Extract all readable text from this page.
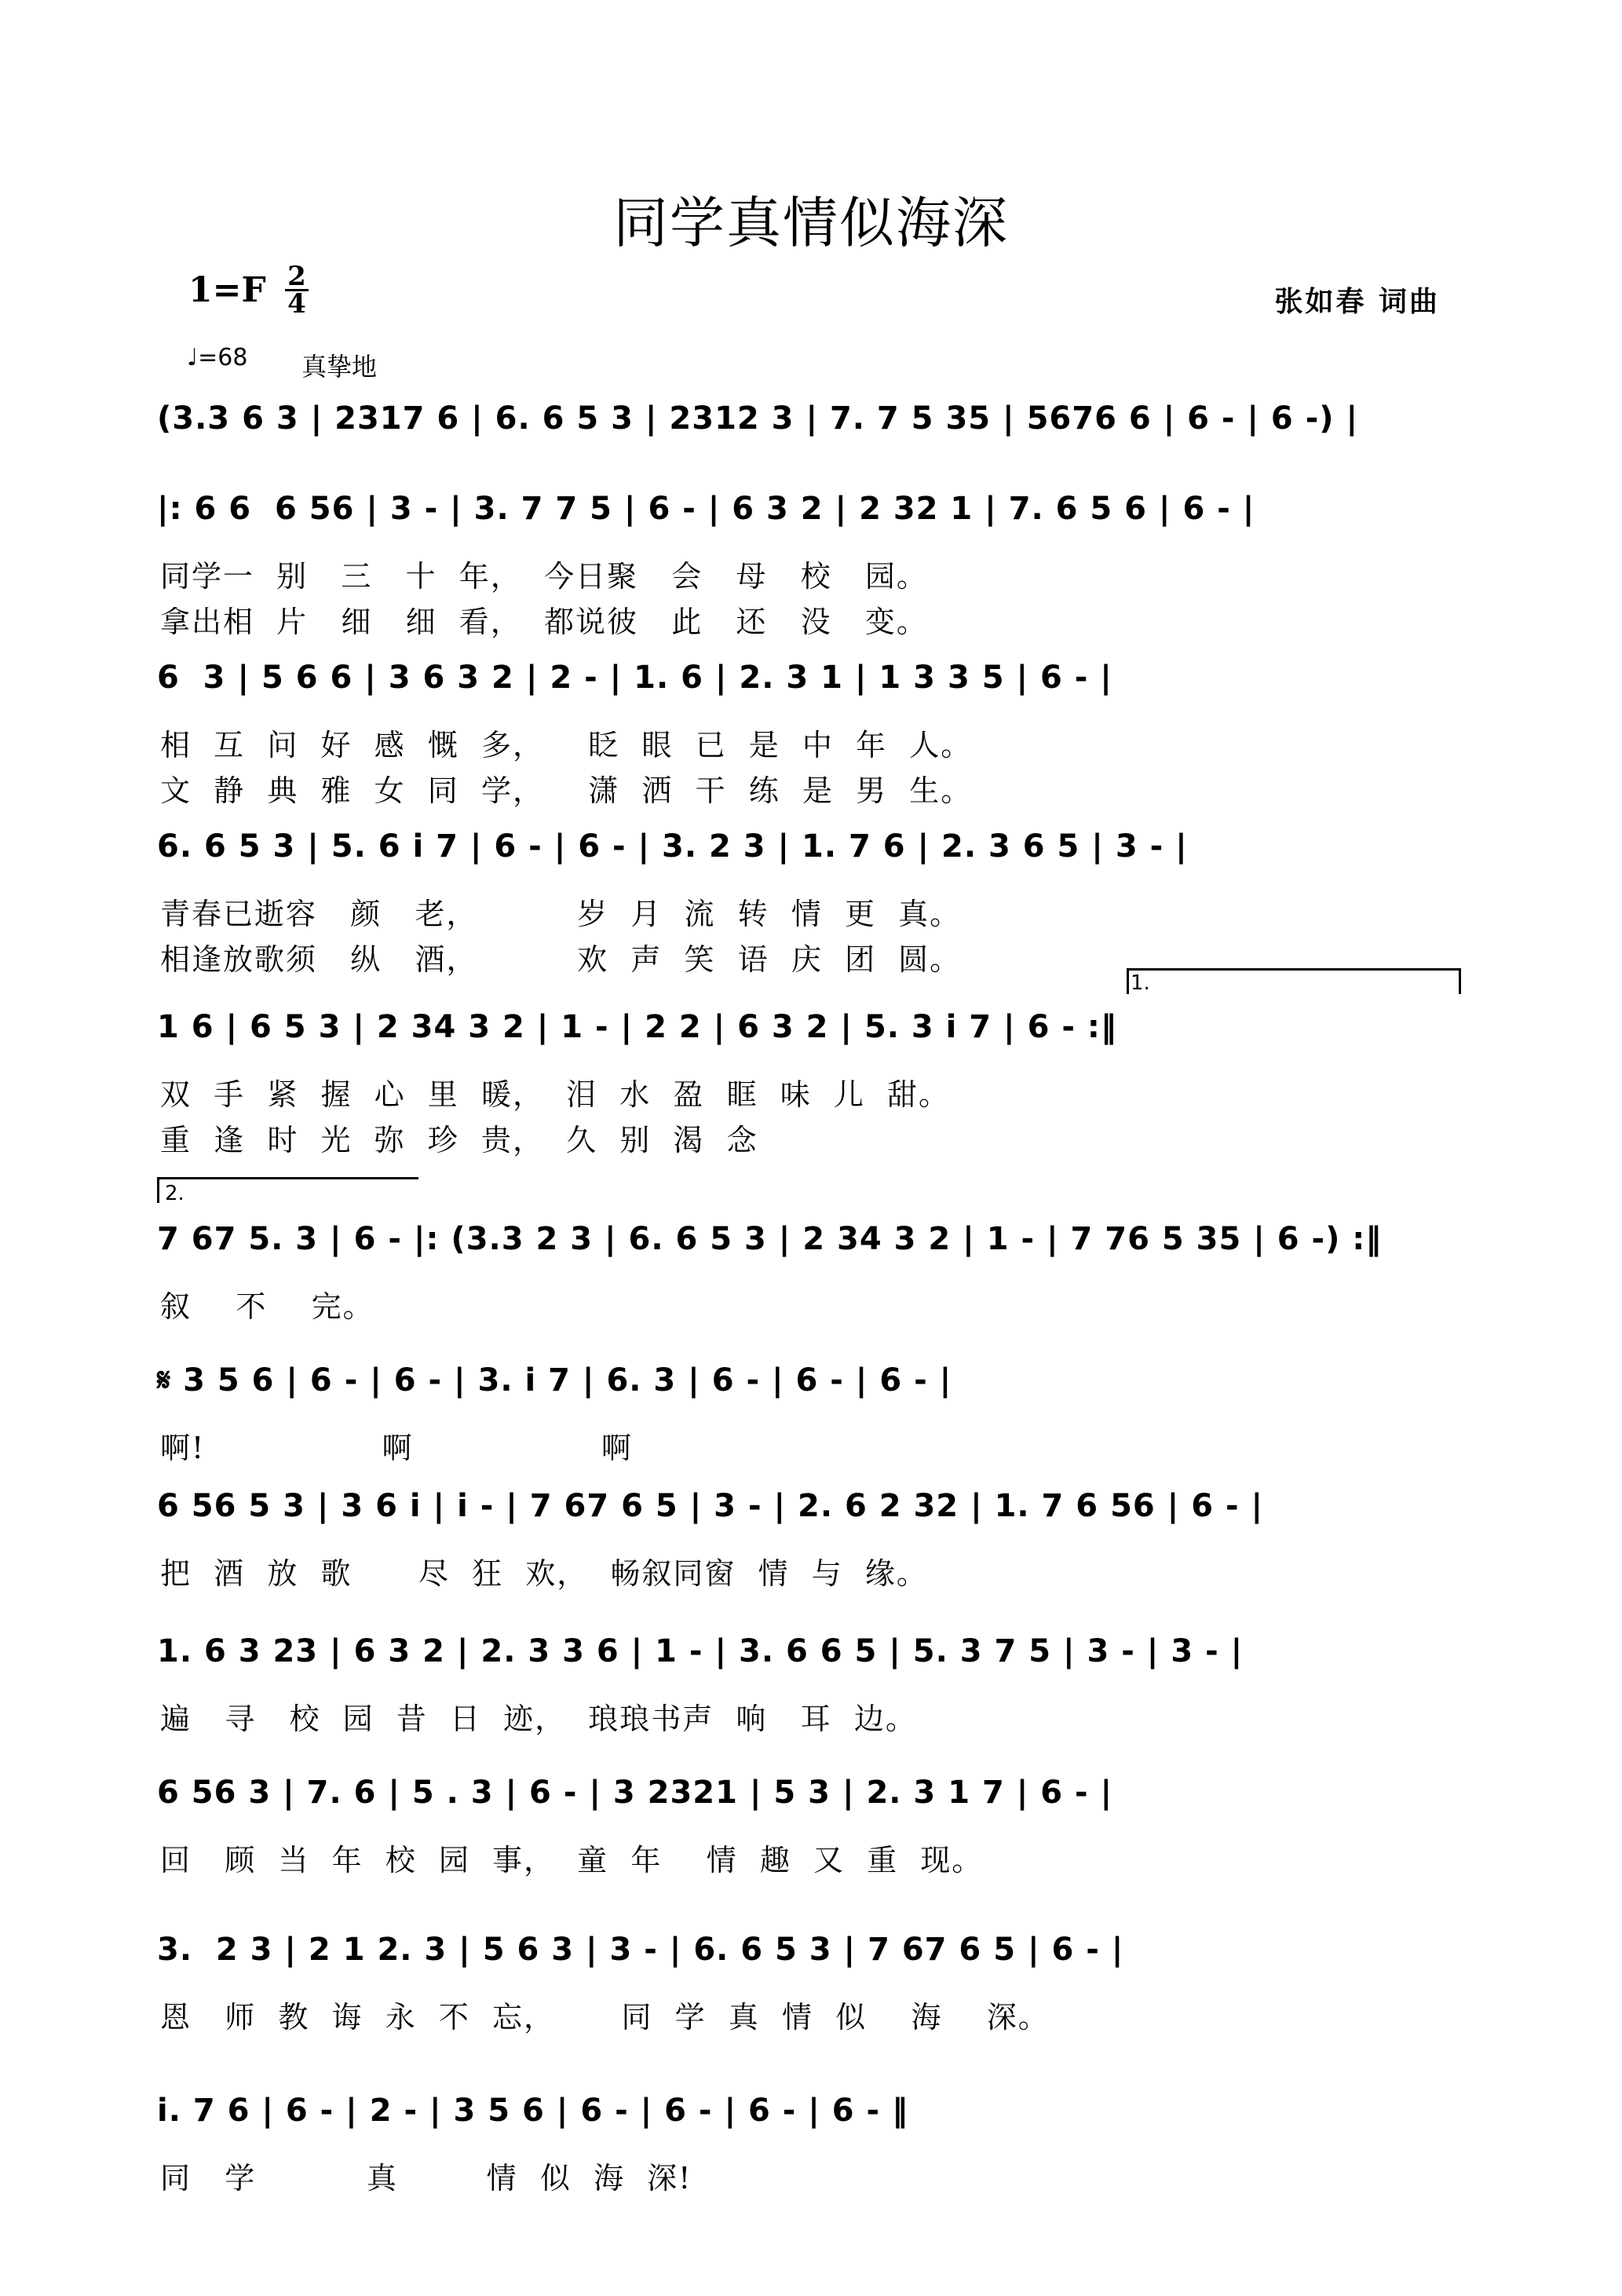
同学真情似海深
1=F 2
4	张如春 词曲
♩=68 真挚地
(3.3 6 3 | 2317 6 | 6. 6 5 3 | 2312 3 | 7. 7 5 35 | 5676 6 | 6 - | 6 -) |
|: 6 6  6 56 | 3 - | 3. 7 7 5 | 6 - | 6 3 2 | 2 32 1 | 7. 6 5 6 | 6 - |
同学一  别   三   十  年，  今日聚   会   母   校   园。
拿出相  片   细   细  看，  都说彼   此   还   没   变。
6  3 | 5 6 6 | 3 6 3 2 | 2 - | 1. 6 | 2. 3 1 | 1 3 3 5 | 6 - |
相  互  问  好  感  慨  多，    眨  眼  已  是  中  年  人。
文  静  典  雅  女  同  学，    潇  洒  干  练  是  男  生。
6. 6 5 3 | 5. 6 i 7 | 6 - | 6 - | 3. 2 3 | 1. 7 6 | 2. 3 6 5 | 3 - |
青春已逝容   颜   老，         岁  月  流  转  情  更  真。
相逢放歌须   纵   酒，         欢  声  笑  语  庆  团  圆。
1.
1 6 | 6 5 3 | 2 34 3 2 | 1 - | 2 2 | 6 3 2 | 5. 3 i 7 | 6 - :‖
双  手  紧  握  心  里  暖，  泪  水  盈  眶  味  儿  甜。
重  逢  时  光  弥  珍  贵，  久  别  渴  念
2.
7 67 5. 3 | 6 - |: (3.3 2 3 | 6. 6 5 3 | 2 34 3 2 | 1 - | 7 76 5 35 | 6 -) :‖
叙    不    完。
𝄋 3 5 6 | 6 - | 6 - | 3. i 7 | 6. 3 | 6 - | 6 - | 6 - |
啊!                啊                 啊
6 56 5 3 | 3 6 i | i - | 7 67 6 5 | 3 - | 2. 6 2 32 | 1. 7 6 56 | 6 - |
把  酒  放  歌      尽  狂  欢，  畅叙同窗  情  与  缘。
1. 6 3 23 | 6 3 2 | 2. 3 3 6 | 1 - | 3. 6 6 5 | 5. 3 7 5 | 3 - | 3 - |
遍   寻   校  园  昔  日  迹，  琅琅书声  响   耳  边。
6 56 3 | 7. 6 | 5 . 3 | 6 - | 3 2321 | 5 3 | 2. 3 1 7 | 6 - |
回   顾  当  年  校  园  事，  童  年    情  趣  又  重  现。
3.  2 3 | 2 1 2. 3 | 5 6 3 | 3 - | 6. 6 5 3 | 7 67 6 5 | 6 - |
恩   师  教  诲  永  不  忘，      同  学  真  情  似    海    深。
i. 7 6 | 6 - | 2 - | 3 5 6 | 6 - | 6 - | 6 - | 6 - ‖
同   学          真        情  似  海  深!
